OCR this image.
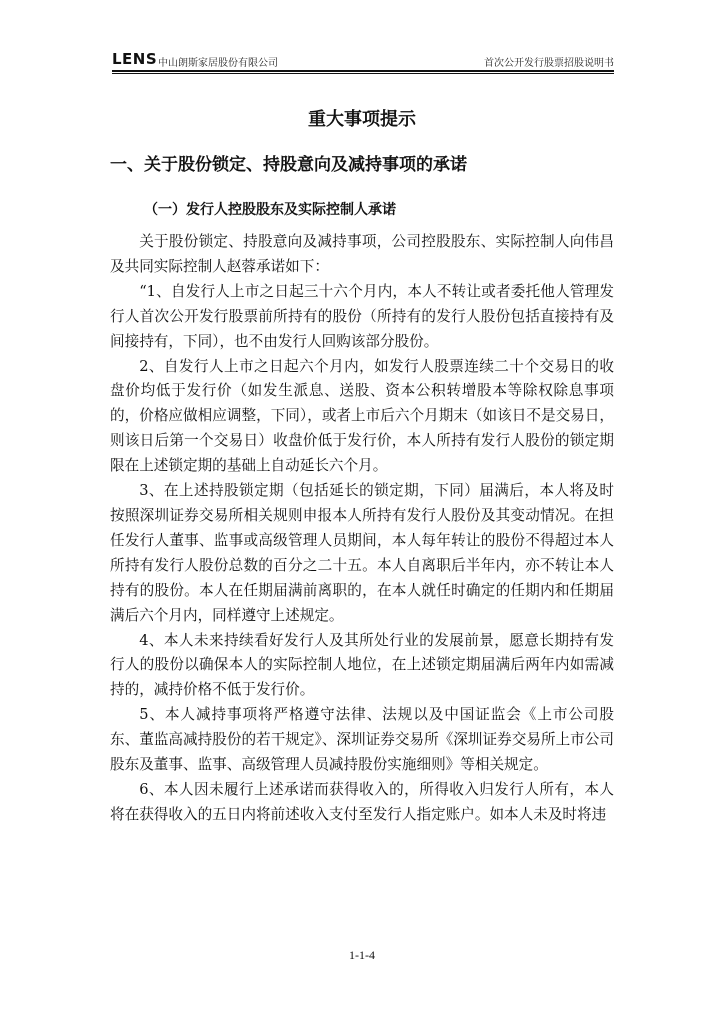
LENS 中山朗斯家居股份有限公司	首次公开发行股票招股说明书
重大事项提示
一、关于股份锁定、持股意向及减持事项的承诺
（一）发行人控股股东及实际控制人承诺

关于股份锁定、持股意向及减持事项，公司控股股东、实际控制人向伟昌及共同实际控制人赵蓉承诺如下：

“1、自发行人上市之日起三十六个月内，本人不转让或者委托他人管理发行人首次公开发行股票前所持有的股份（所持有的发行人股份包括直接持有及间接持有，下同），也不由发行人回购该部分股份。

2、自发行人上市之日起六个月内，如发行人股票连续二十个交易日的收盘价均低于发行价（如发生派息、送股、资本公积转增股本等除权除息事项的，价格应做相应调整，下同），或者上市后六个月期末（如该日不是交易日，则该日后第一个交易日）收盘价低于发行价，本人所持有发行人股份的锁定期限在上述锁定期的基础上自动延长六个月。

3、在上述持股锁定期（包括延长的锁定期，下同）届满后，本人将及时按照深圳证券交易所相关规则申报本人所持有发行人股份及其变动情况。在担任发行人董事、监事或高级管理人员期间，本人每年转让的股份不得超过本人所持有发行人股份总数的百分之二十五。本人自离职后半年内，亦不转让本人持有的股份。本人在任期届满前离职的，在本人就任时确定的任期内和任期届满后六个月内，同样遵守上述规定。

4、本人未来持续看好发行人及其所处行业的发展前景，愿意长期持有发行人的股份以确保本人的实际控制人地位，在上述锁定期届满后两年内如需减持的，减持价格不低于发行价。

5、本人减持事项将严格遵守法律、法规以及中国证监会《上市公司股东、董监高减持股份的若干规定》、深圳证券交易所《深圳证券交易所上市公司股东及董事、监事、高级管理人员减持股份实施细则》等相关规定。

6、本人因未履行上述承诺而获得收入的，所得收入归发行人所有，本人将在获得收入的五日内将前述收入支付至发行人指定账户。如本人未及时将违

1-1-4
